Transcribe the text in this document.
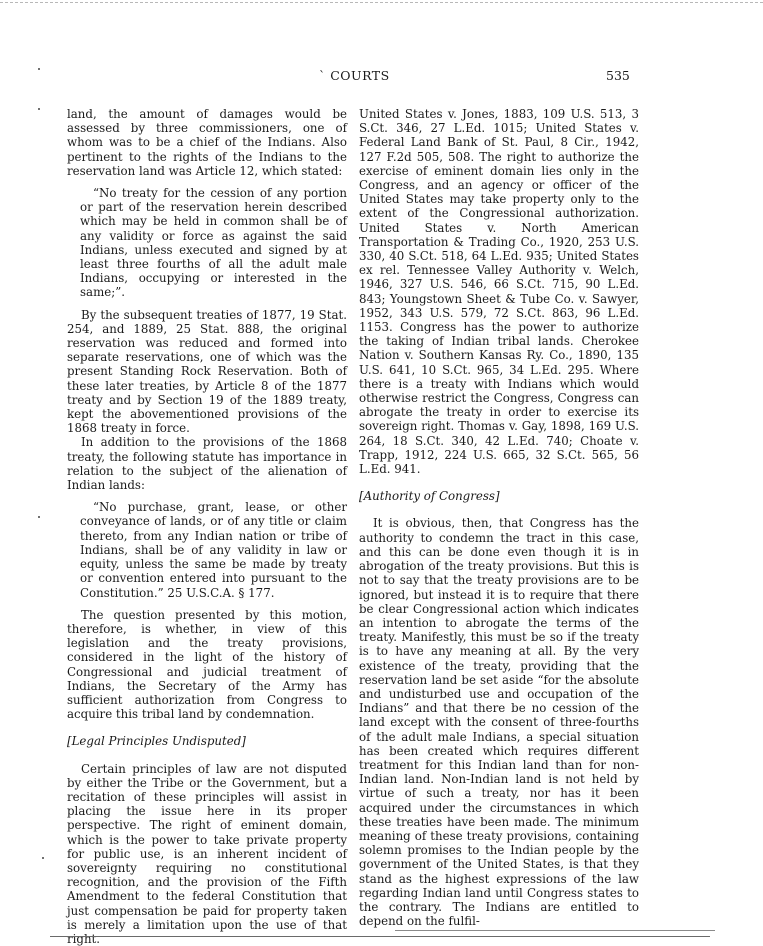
` COURTS	535

land, the amount of damages would be assessed by three commissioners, one of whom was to be a chief of the Indians. Also pertinent to the rights of the Indians to the reservation land was Article 12, which stated:

“No treaty for the cession of any portion or part of the reservation herein described which may be held in common shall be of any validity or force as against the said Indians, unless executed and signed by at least three fourths of all the adult male Indians, occupying or interested in the same;”.

By the subsequent treaties of 1877, 19 Stat. 254, and 1889, 25 Stat. 888, the original reservation was reduced and formed into separate reservations, one of which was the present Standing Rock Reservation. Both of these later treaties, by Article 8 of the 1877 treaty and by Section 19 of the 1889 treaty, kept the abovementioned provisions of the 1868 treaty in force.

In addition to the provisions of the 1868 treaty, the following statute has importance in relation to the subject of the alienation of Indian lands:

“No purchase, grant, lease, or other conveyance of lands, or of any title or claim thereto, from any Indian nation or tribe of Indians, shall be of any validity in law or equity, unless the same be made by treaty or convention entered into pursuant to the Constitution.” 25 U.S.C.A. § 177.

The question presented by this motion, therefore, is whether, in view of this legislation and the treaty provisions, considered in the light of the history of Congressional and judicial treatment of Indians, the Secretary of the Army has sufficient authorization from Congress to acquire this tribal land by condemnation.

[Legal Principles Undisputed]

Certain principles of law are not disputed by either the Tribe or the Government, but a recitation of these principles will assist in placing the issue here in its proper perspective. The right of eminent domain, which is the power to take private property for public use, is an inherent incident of sovereignty requiring no constitutional recognition, and the provision of the Fifth Amendment to the federal Constitution that just compensation be paid for property taken is merely a limitation upon the use of that right.

United States v. Jones, 1883, 109 U.S. 513, 3 S.Ct. 346, 27 L.Ed. 1015; United States v. Federal Land Bank of St. Paul, 8 Cir., 1942, 127 F.2d 505, 508. The right to authorize the exercise of eminent domain lies only in the Congress, and an agency or officer of the United States may take property only to the extent of the Congressional authorization. United States v. North American Transportation & Trading Co., 1920, 253 U.S. 330, 40 S.Ct. 518, 64 L.Ed. 935; United States ex rel. Tennessee Valley Authority v. Welch, 1946, 327 U.S. 546, 66 S.Ct. 715, 90 L.Ed. 843; Youngstown Sheet & Tube Co. v. Sawyer, 1952, 343 U.S. 579, 72 S.Ct. 863, 96 L.Ed. 1153. Congress has the power to authorize the taking of Indian tribal lands. Cherokee Nation v. Southern Kansas Ry. Co., 1890, 135 U.S. 641, 10 S.Ct. 965, 34 L.Ed. 295. Where there is a treaty with Indians which would otherwise restrict the Congress, Congress can abrogate the treaty in order to exercise its sovereign right. Thomas v. Gay, 1898, 169 U.S. 264, 18 S.Ct. 340, 42 L.Ed. 740; Choate v. Trapp, 1912, 224 U.S. 665, 32 S.Ct. 565, 56 L.Ed. 941.

[Authority of Congress]

It is obvious, then, that Congress has the authority to condemn the tract in this case, and this can be done even though it is in abrogation of the treaty provisions. But this is not to say that the treaty provisions are to be ignored, but instead it is to require that there be clear Congressional action which indicates an intention to abrogate the terms of the treaty. Manifestly, this must be so if the treaty is to have any meaning at all. By the very existence of the treaty, providing that the reservation land be set aside “for the absolute and undisturbed use and occupation of the Indians” and that there be no cession of the land except with the consent of three-fourths of the adult male Indians, a special situation has been created which requires different treatment for this Indian land than for non-Indian land. Non-Indian land is not held by virtue of such a treaty, nor has it been acquired under the circumstances in which these treaties have been made. The minimum meaning of these treaty provisions, containing solemn promises to the Indian people by the government of the United States, is that they stand as the highest expressions of the law regarding Indian land until Congress states to the contrary. The Indians are entitled to depend on the fulfil-
